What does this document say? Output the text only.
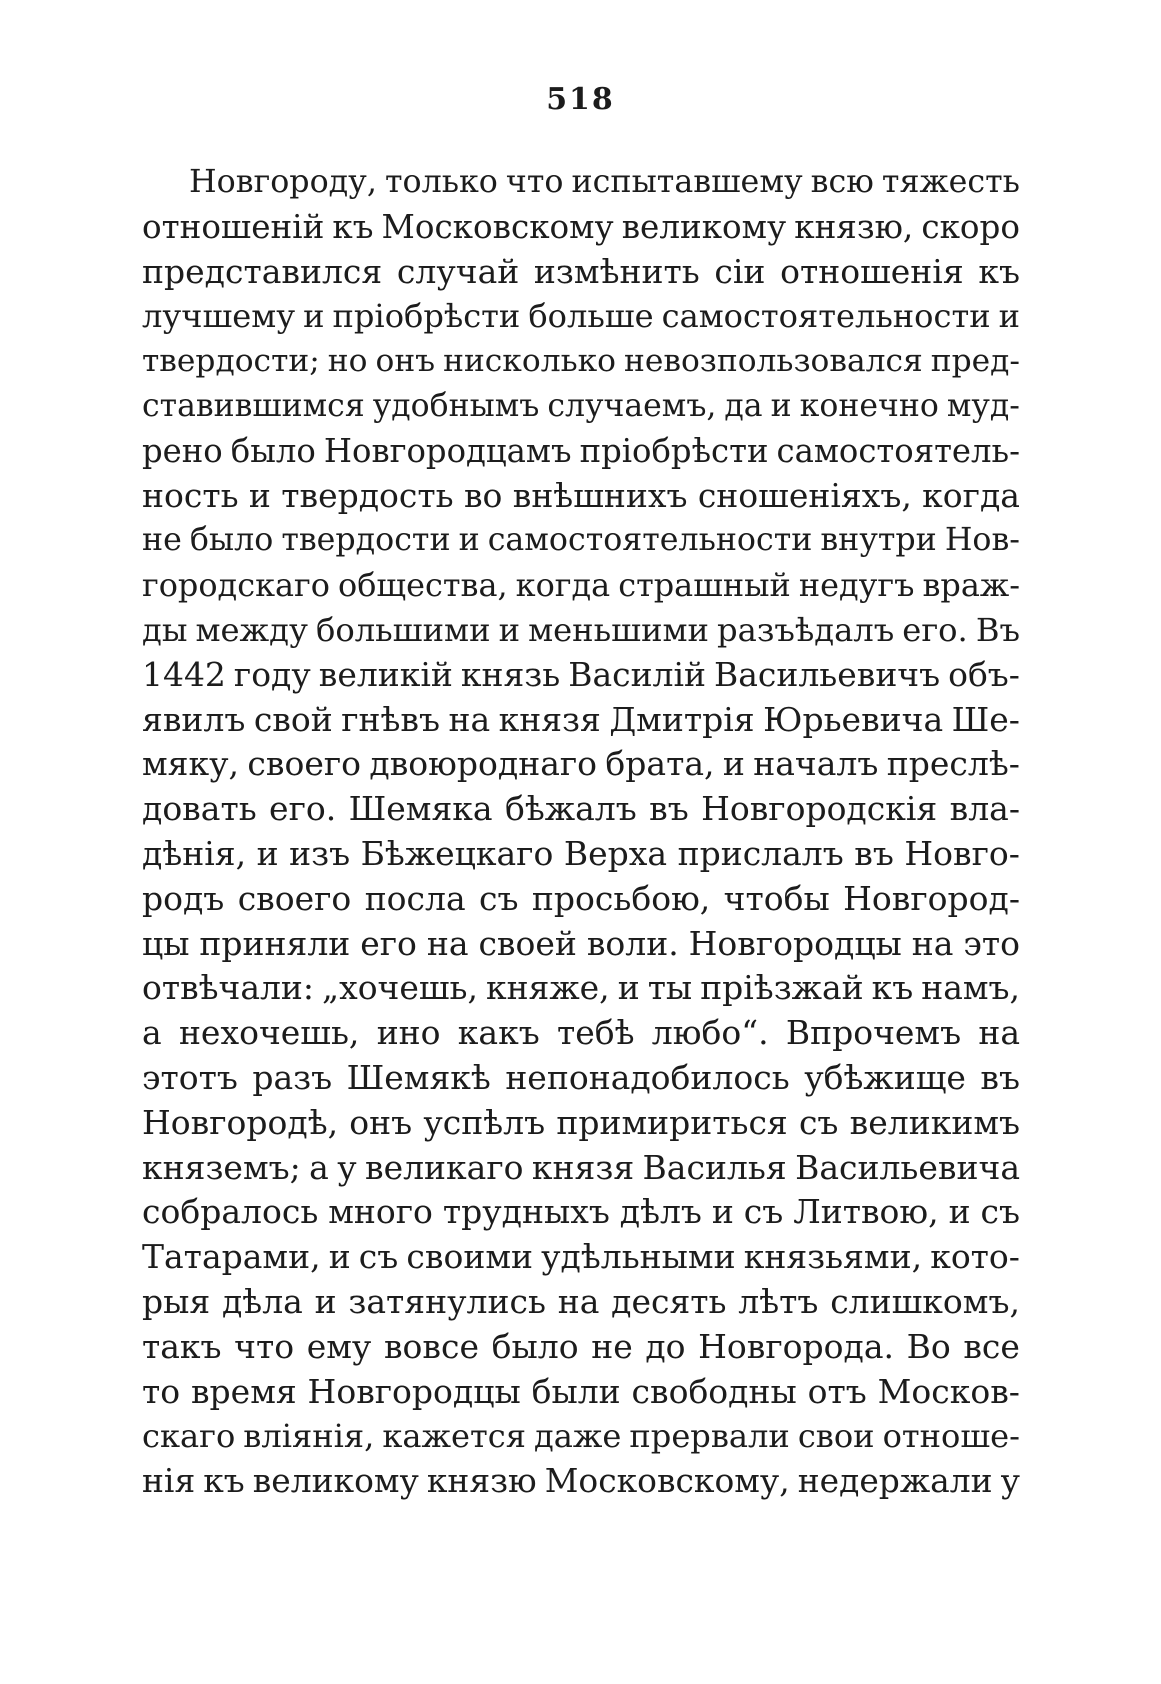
518
Новгороду, только что испытавшему всю тяжесть
отношеній къ Московскому великому князю, скоро
представился случай измѣнить сіи отношенія къ
лучшему и пріобрѣсти больше самостоятельности и
твердости; но онъ нисколько невозпользовался пред-
ставившимся удобнымъ случаемъ, да и конечно муд-
рено было Новгородцамъ пріобрѣсти самостоятель-
ность и твердость во внѣшнихъ сношеніяхъ, когда
не было твердости и самостоятельности внутри Нов-
городскаго общества, когда страшный недугъ враж-
ды между большими и меньшими разъѣдалъ его. Въ
1442 году великій князь Василій Васильевичъ объ-
явилъ свой гнѣвъ на князя Дмитрія Юрьевича Ше-
мяку, своего двоюроднаго брата, и началъ преслѣ-
довать его. Шемяка бѣжалъ въ Новгородскія вла-
дѣнія, и изъ Бѣжецкаго Верха прислалъ въ Новго-
родъ своего посла съ просьбою, чтобы Новгород-
цы приняли его на своей воли. Новгородцы на это
отвѣчали: „хочешь, княже, и ты пріѣзжай къ намъ,
а нехочешь, ино какъ тебѣ любо“. Впрочемъ на
этотъ разъ Шемякѣ непонадобилось убѣжище въ
Новгородѣ, онъ успѣлъ примириться съ великимъ
княземъ; а у великаго князя Василья Васильевича
собралось много трудныхъ дѣлъ и съ Литвою, и съ
Татарами, и съ своими удѣльными князьями, кото-
рыя дѣла и затянулись на десять лѣтъ слишкомъ,
такъ что ему вовсе было не до Новгорода. Во все
то время Новгородцы были свободны отъ Москов-
скаго вліянія, кажется даже прервали свои отноше-
нія къ великому князю Московскому, недержали у
